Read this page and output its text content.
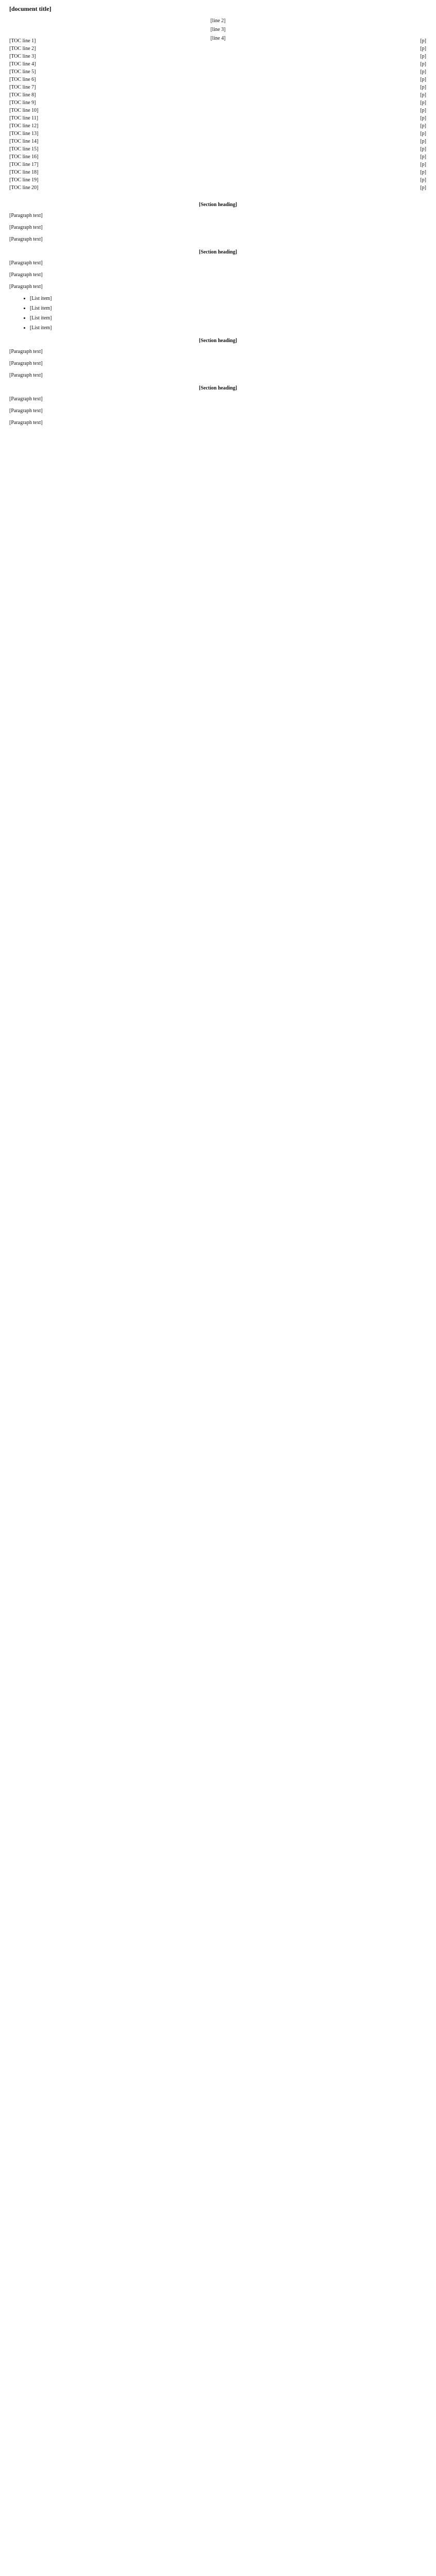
[document title]
[line 2]
[line 3]
[line 4]
[TOC line 1]	[p]
[TOC line 2]	[p]
[TOC line 3]	[p]
[TOC line 4]	[p]
[TOC line 5]	[p]
[TOC line 6]	[p]
[TOC line 7]	[p]
[TOC line 8]	[p]
[TOC line 9]	[p]
[TOC line 10]	[p]
[TOC line 11]	[p]
[TOC line 12]	[p]
[TOC line 13]	[p]
[TOC line 14]	[p]
[TOC line 15]	[p]
[TOC line 16]	[p]
[TOC line 17]	[p]
[TOC line 18]	[p]
[TOC line 19]	[p]
[TOC line 20]	[p]
[Section heading]

[Paragraph text]

[Paragraph text]

[Paragraph text]

[Section heading]

[Paragraph text]

[Paragraph text]

[Paragraph text]

• [List item]
• [List item]
• [List item]
• [List item]
[Section heading]

[Paragraph text]

[Paragraph text]

[Paragraph text]

[Section heading]

[Paragraph text]

[Paragraph text]

[Paragraph text]
